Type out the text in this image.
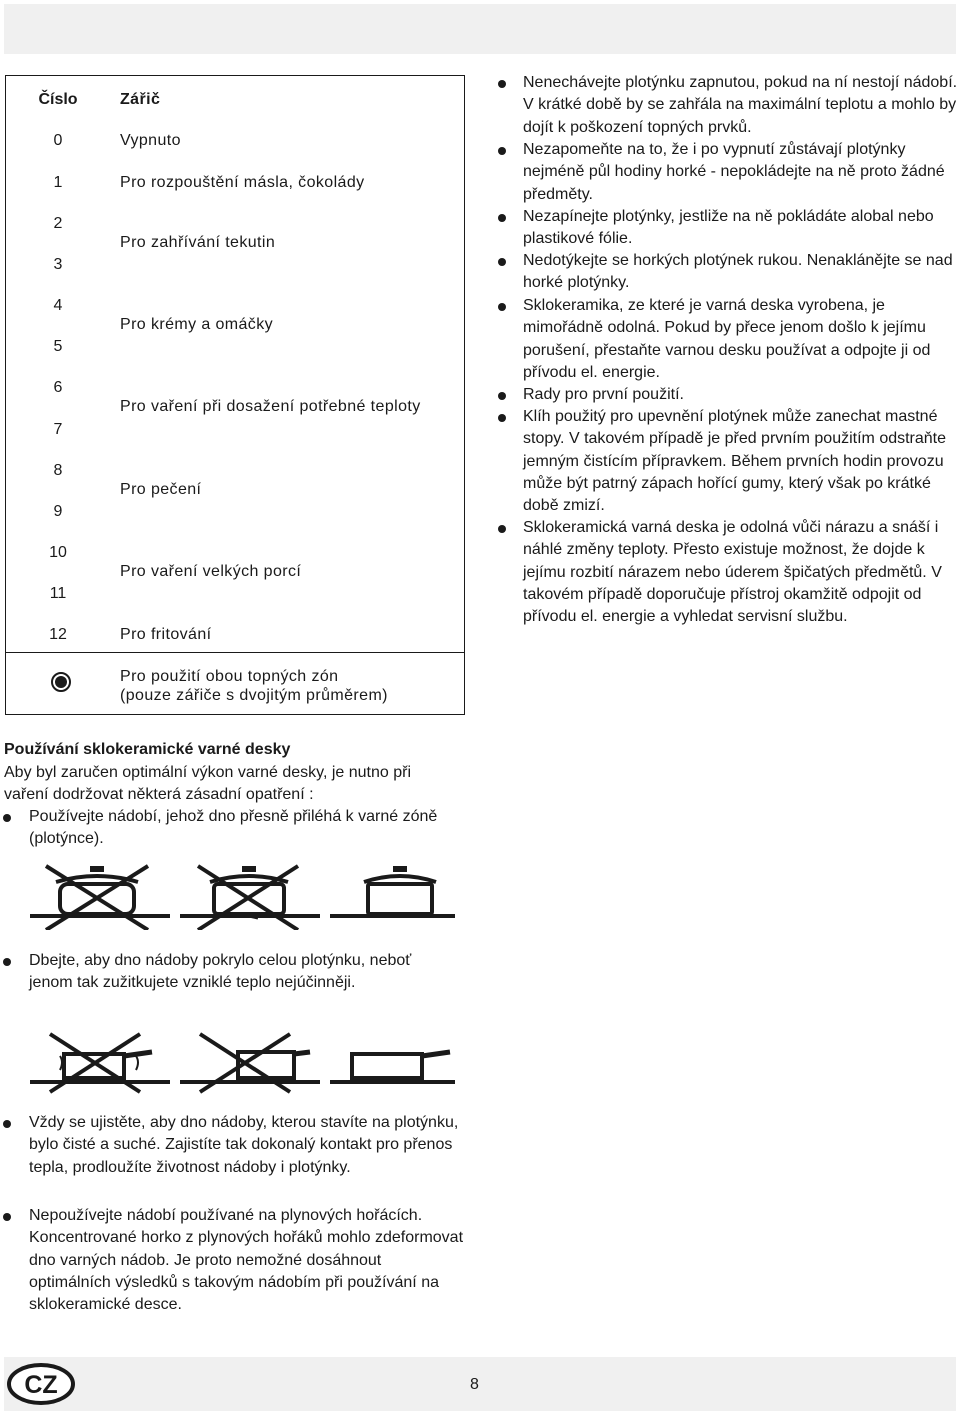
Číslo	Zářič
0
1
2
3
4
5
6
7
8
9
10
11
12
Vypnuto
Pro rozpouštění másla, čokolády
Pro zahřívání tekutin
Pro krémy a omáčky
Pro vaření při dosažení potřebné teploty
Pro pečení
Pro vaření velkých porcí
Pro fritování
Pro použití obou topných zón
(pouze zářiče s dvojitým průměrem)
Nenechávejte plotýnku zapnutou, pokud na ní nestojí nádobí. V krátké době by se zahřála na maximální teplotu a mohlo by dojít k poškození topných prvků.
Nezapomeňte na to, že i po vypnutí zůstávají plotýnky nejméně půl hodiny horké - nepokládejte na ně proto žádné předměty.
Nezapínejte plotýnky, jestliže na ně pokládáte alobal nebo plastikové fólie.
Nedotýkejte se horkých plotýnek rukou. Nenaklánějte se nad horké plotýnky.
Sklokeramika, ze které je varná deska vyrobena, je mimořádně odolná. Pokud by přece jenom došlo k jejímu porušení, přestaňte varnou desku používat a odpojte ji od přívodu el. energie.
Rady pro první použití.
Klíh použitý pro upevnění plotýnek může zanechat mastné stopy. V takovém případě je před prvním použitím odstraňte jemným čistícím přípravkem. Během prvních hodin provozu může být patrný zápach hořící gumy, který však po krátké době zmizí.
Sklokeramická varná deska je odolná vůči nárazu a snáší i náhlé změny teploty. Přesto existuje možnost, že dojde k jejímu rozbití nárazem nebo úderem špičatých předmětů. V takovém případě doporučuje přístroj okamžitě odpojit od přívodu el. energie a vyhledat servisní službu.
Používání sklokeramické varné desky
Aby byl zaručen optimální výkon varné desky, je nutno při vaření dodržovat některá zásadní opatření :
Používejte nádobí, jehož dno přesně přiléhá k varné zóně (plotýnce).
Dbejte, aby dno nádoby pokrylo celou plotýnku, neboť jenom tak zužitkujete vzniklé teplo nejúčinněji.
Vždy se ujistěte, aby dno nádoby, kterou stavíte na plotýnku, bylo čisté a suché. Zajistíte tak dokonalý kontakt pro přenos tepla, prodloužíte životnost nádoby i plotýnky.
Nepoužívejte nádobí používané na plynových hořácích. Koncentrované horko z plynových hořáků mohlo zdeformovat dno varných nádob. Je proto nemožné dosáhnout optimálních výsledků s takovým nádobím při používání na sklokeramické desce.
CZ	8
